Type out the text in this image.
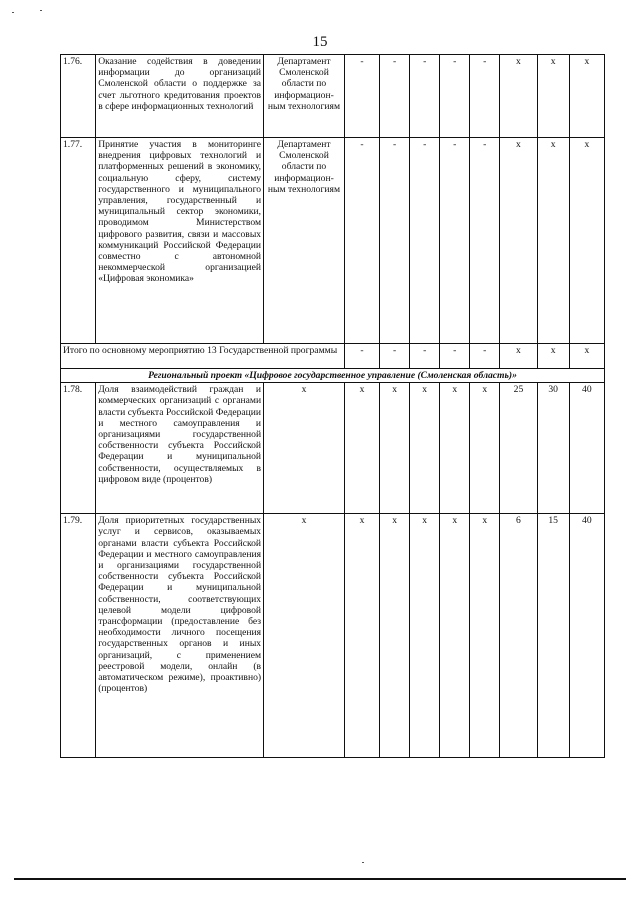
15
1.76.	Оказание содействия в доведении информации до организаций Смоленской области о поддержке за счет льготного кредитования проектов в сфере информационных технологий	Департамент Смоленской области по информацион-ным технологиям	-	-	-	-	-	х	х	х
1.77.	Принятие участия в мониторинге внедрения цифровых технологий и платформенных решений в экономику, социальную сферу, систему государственного и муниципального управления, государственный и муниципальный сектор экономики, проводимом Министерством цифрового развития, связи и массовых коммуникаций Российской Федерации совместно с автономной некоммерческой организацией «Цифровая экономика»	Департамент Смоленской области по информацион-ным технологиям	-	-	-	-	-	х	х	х
Итого по основному мероприятию 13 Государственной программы			-	-	-	-	-	х	х	х
Региональный проект «Цифровое государственное управление (Смоленская область)»										
1.78.	Доля взаимодействий граждан и коммерческих организаций с органами власти субъекта Российской Федерации и местного самоуправления и организациями государственной собственности субъекта Российской Федерации и муниципальной собственности, осуществляемых в цифровом виде (процентов)	х	х	х	х	х	х	25	30	40
1.79.	Доля приоритетных государственных услуг и сервисов, оказываемых органами власти субъекта Российской Федерации и местного самоуправления и организациями государственной собственности субъекта Российской Федерации и муниципальной собственности, соответствующих целевой модели цифровой трансформации (предоставление без необходимости личного посещения государственных органов и иных организаций, с применением реестровой модели, онлайн (в автоматическом режиме), проактивно) (процентов)	х	х	х	х	х	х	6	15	40
